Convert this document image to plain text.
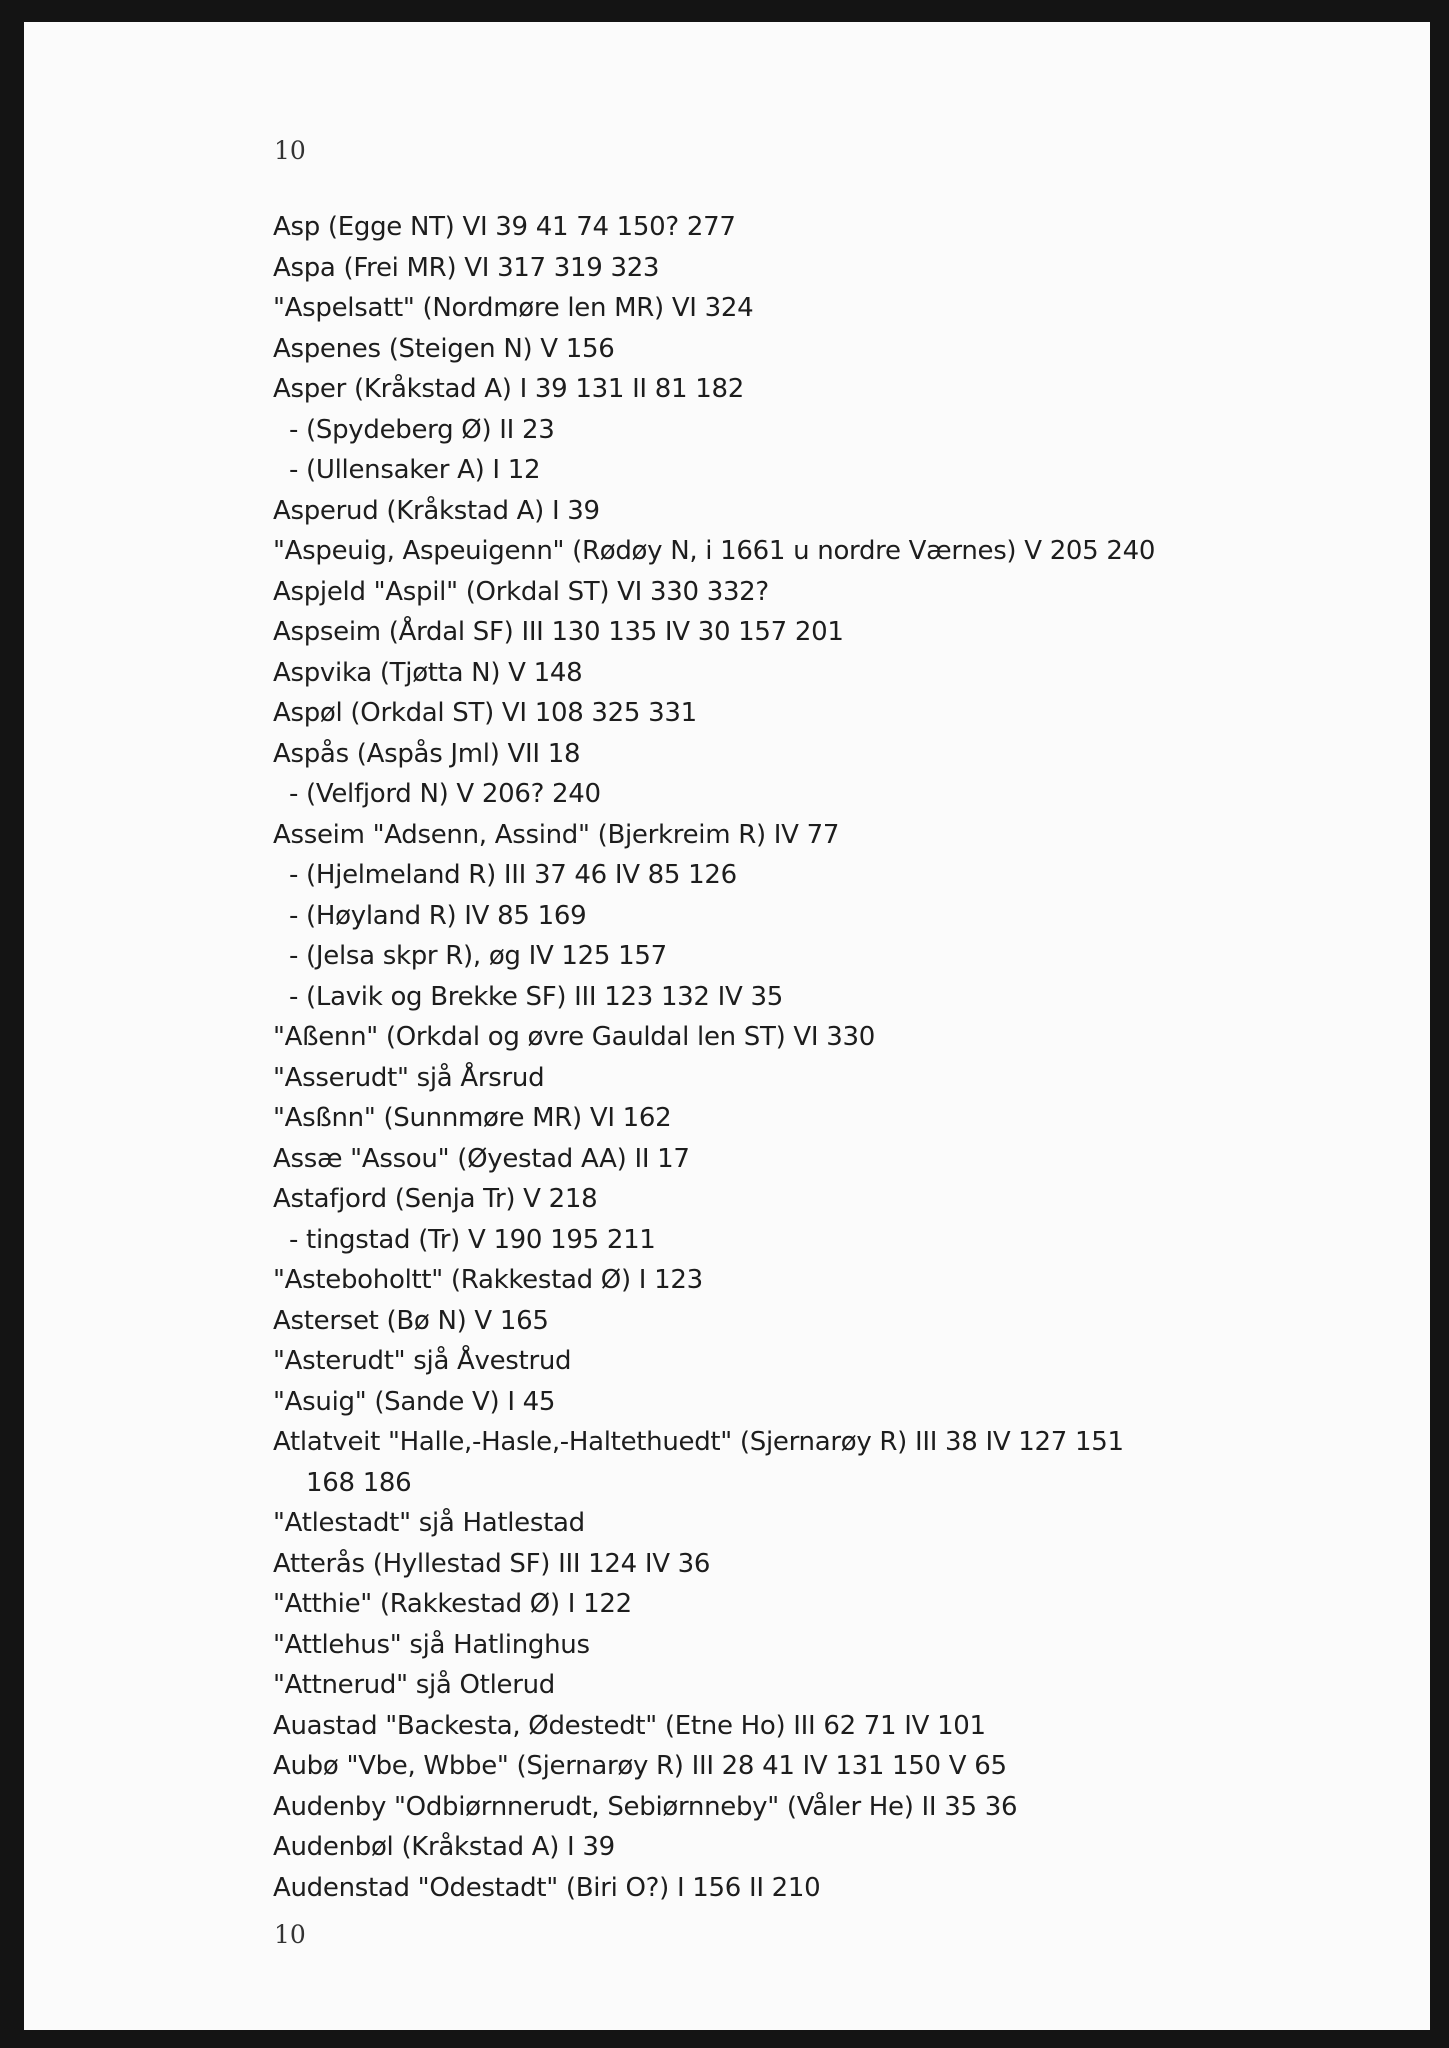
10
Asp (Egge NT) VI 39 41 74 150? 277
Aspa (Frei MR) VI 317 319 323
"Aspelsatt" (Nordmøre len MR) VI 324
Aspenes (Steigen N) V 156
Asper (Kråkstad A) I 39 131 II 81 182
- (Spydeberg Ø) II 23
- (Ullensaker A) I 12
Asperud (Kråkstad A) I 39
"Aspeuig, Aspeuigenn" (Rødøy N, i 1661 u nordre Værnes) V 205 240
Aspjeld "Aspil" (Orkdal ST) VI 330 332?
Aspseim (Årdal SF) III 130 135 IV 30 157 201
Aspvika (Tjøtta N) V 148
Aspøl (Orkdal ST) VI 108 325 331
Aspås (Aspås Jml) VII 18
- (Velfjord N) V 206? 240
Asseim "Adsenn, Assind" (Bjerkreim R) IV 77
- (Hjelmeland R) III 37 46 IV 85 126
- (Høyland R) IV 85 169
- (Jelsa skpr R), øg IV 125 157
- (Lavik og Brekke SF) III 123 132 IV 35
"Aßenn" (Orkdal og øvre Gauldal len ST) VI 330
"Asserudt" sjå Årsrud
"Asßnn" (Sunnmøre MR) VI 162
Assæ "Assou" (Øyestad AA) II 17
Astafjord (Senja Tr) V 218
- tingstad (Tr) V 190 195 211
"Asteboholtt" (Rakkestad Ø) I 123
Asterset (Bø N) V 165
"Asterudt" sjå Åvestrud
"Asuig" (Sande V) I 45
Atlatveit "Halle,-Hasle,-Haltethuedt" (Sjernarøy R) III 38 IV 127 151
168 186
"Atlestadt" sjå Hatlestad
Atterås (Hyllestad SF) III 124 IV 36
"Atthie" (Rakkestad Ø) I 122
"Attlehus" sjå Hatlinghus
"Attnerud" sjå Otlerud
Auastad "Backesta, Ødestedt" (Etne Ho) III 62 71 IV 101
Aubø "Vbe, Wbbe" (Sjernarøy R) III 28 41 IV 131 150 V 65
Audenby "Odbiørnnerudt, Sebiørnneby" (Våler He) II 35 36
Audenbøl (Kråkstad A) I 39
Audenstad "Odestadt" (Biri O?) I 156 II 210
10
